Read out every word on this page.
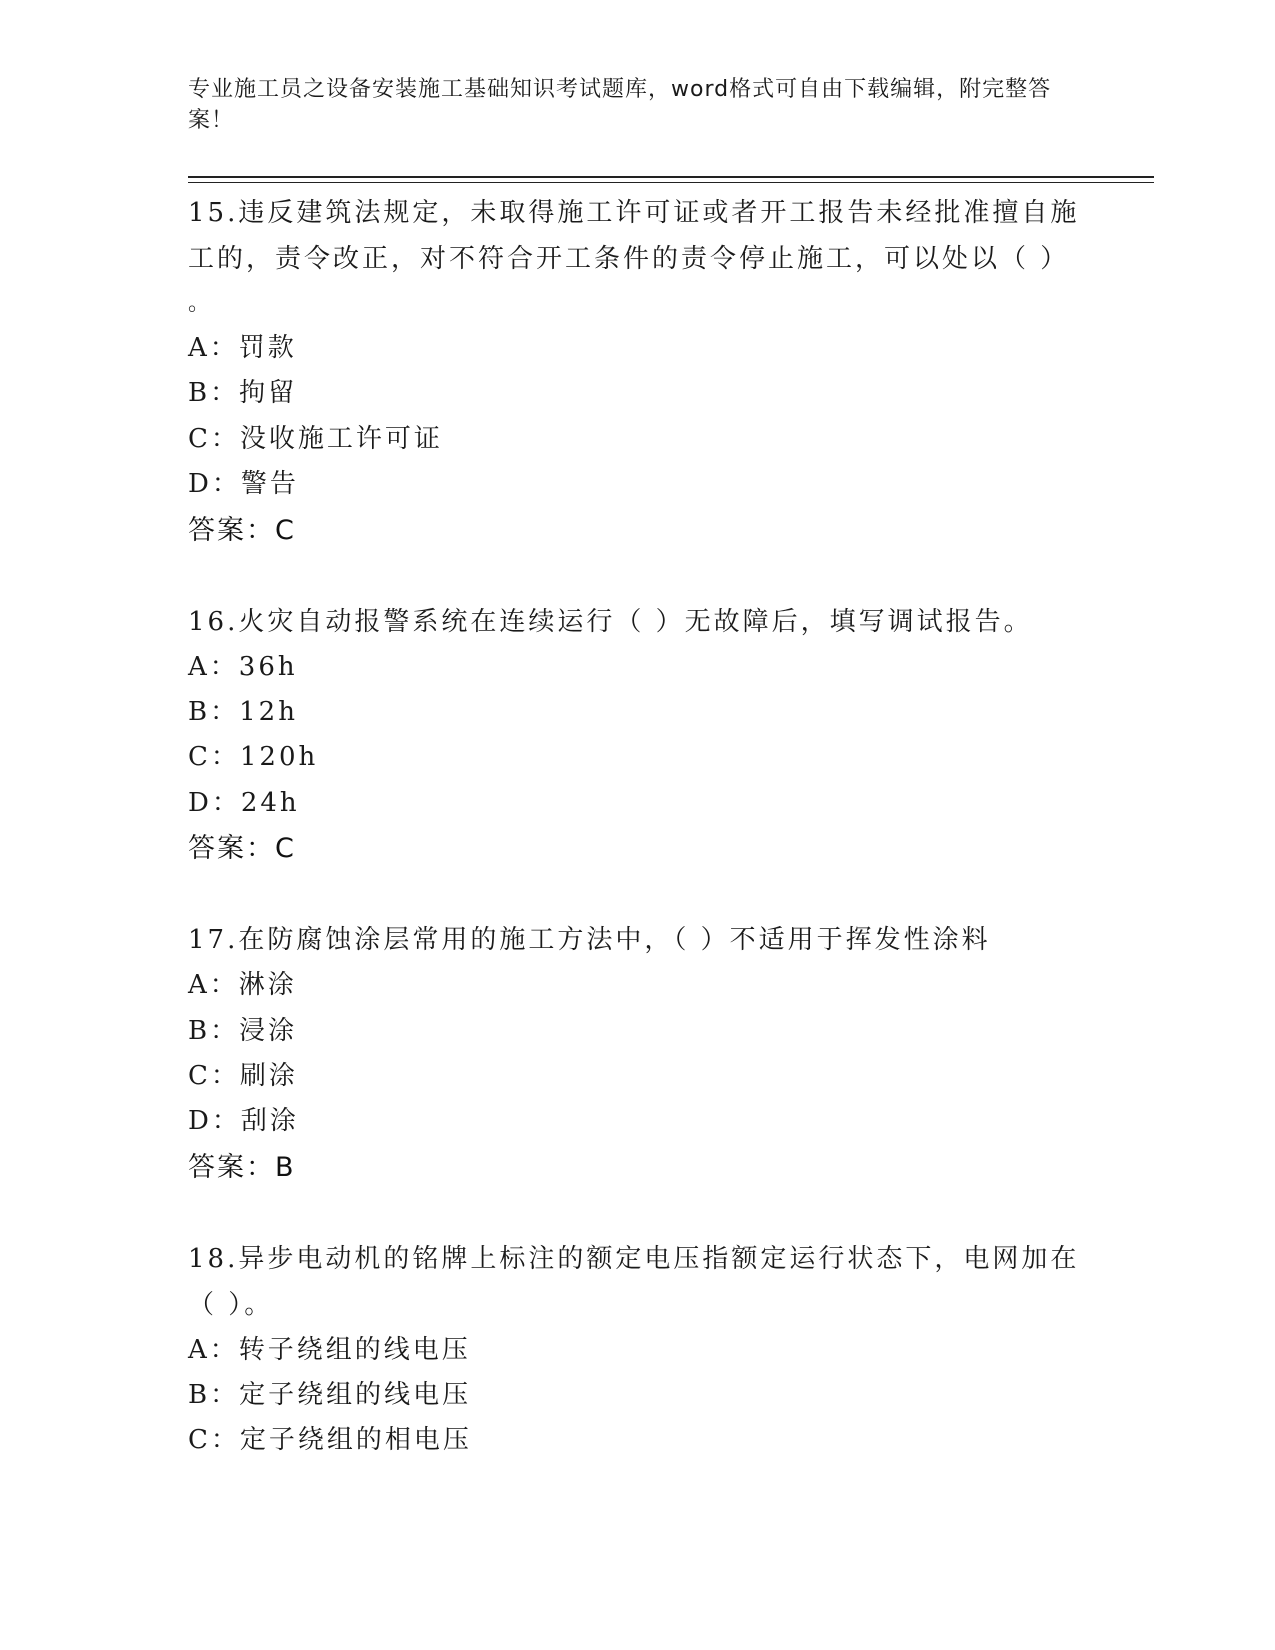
专业施工员之设备安装施工基础知识考试题库，word格式可自由下载编辑，附完整答案！

15.违反建筑法规定，未取得施工许可证或者开工报告未经批准擅自施工的，责令改正，对不符合开工条件的责令停止施工，可以处以（ ）
。

A：罚款
B：拘留
C：没收施工许可证
D：警告
答案：C

16.火灾自动报警系统在连续运行（ ）无故障后，填写调试报告。

A：36h
B：12h
C：120h
D：24h
答案：C

17.在防腐蚀涂层常用的施工方法中，（ ）不适用于挥发性涂料

A：淋涂
B：浸涂
C：刷涂
D：刮涂
答案：B

18.异步电动机的铭牌上标注的额定电压指额定运行状态下，电网加在（ ）。

A：转子绕组的线电压
B：定子绕组的线电压
C：定子绕组的相电压
